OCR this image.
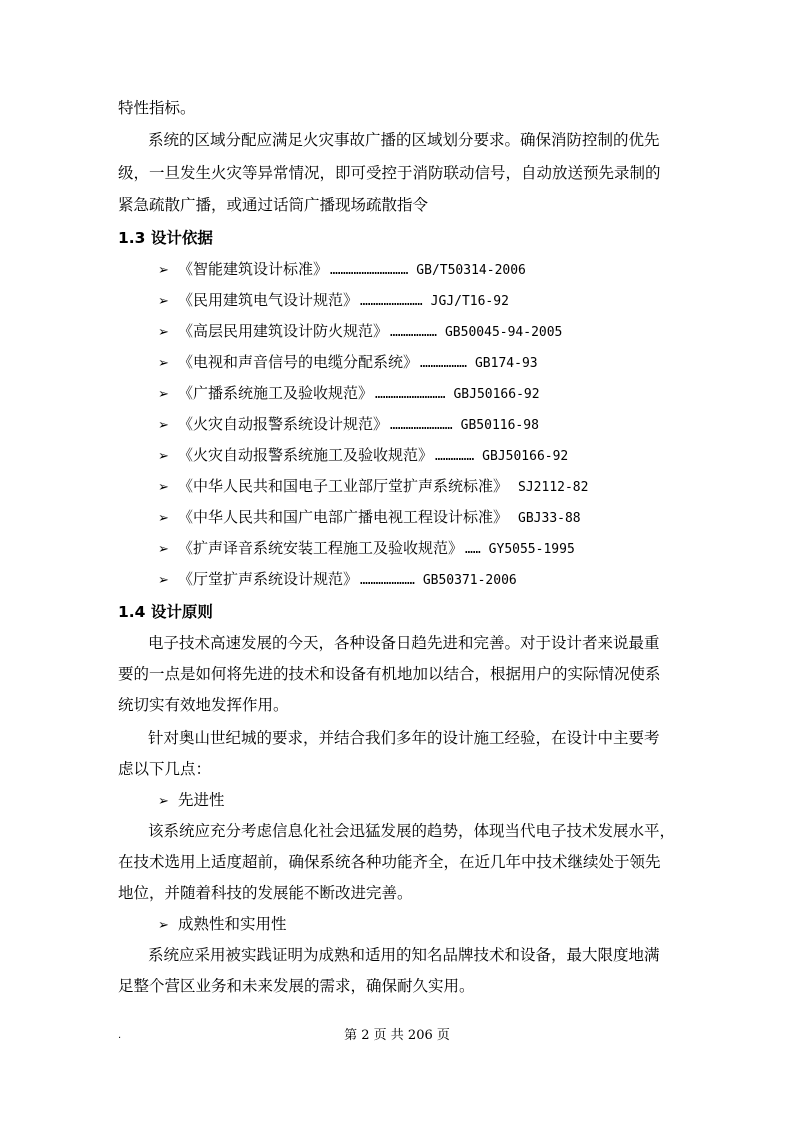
特性指标。
系统的区域分配应满足火灾事故广播的区域划分要求。确保消防控制的优先
级，一旦发生火灾等异常情况，即可受控于消防联动信号，自动放送预先录制的
紧急疏散广播，或通过话筒广播现场疏散指令
1.3 设计依据
➢ 《智能建筑设计标准》 ………………………… GB/T50314-2006
➢ 《民用建筑电气设计规范》 …………………… JGJ/T16-92
➢ 《高层民用建筑设计防火规范》 ……………… GB50045-94-2005
➢ 《电视和声音信号的电缆分配系统》 ……………… GB174-93
➢ 《广播系统施工及验收规范》 ……………………… GBJ50166-92
➢ 《火灾自动报警系统设计规范》 …………………… GB50116-98
➢ 《火灾自动报警系统施工及验收规范》 …………… GBJ50166-92
➢ 《中华人民共和国电子工业部厅堂扩声系统标准》 SJ2112-82
➢ 《中华人民共和国广电部广播电视工程设计标准》 GBJ33-88
➢ 《扩声译音系统安装工程施工及验收规范》 …… GY5055-1995
➢ 《厅堂扩声系统设计规范》 ………………… GB50371-2006
1.4 设计原则
电子技术高速发展的今天，各种设备日趋先进和完善。对于设计者来说最重
要的一点是如何将先进的技术和设备有机地加以结合，根据用户的实际情况使系
统切实有效地发挥作用。
针对奥山世纪城的要求，并结合我们多年的设计施工经验，在设计中主要考
虑以下几点：
➢ 先进性
该系统应充分考虑信息化社会迅猛发展的趋势，体现当代电子技术发展水平，
在技术选用上适度超前，确保系统各种功能齐全，在近几年中技术继续处于领先
地位，并随着科技的发展能不断改进完善。
➢ 成熟性和实用性
系统应采用被实践证明为成熟和适用的知名品牌技术和设备，最大限度地满
足整个营区业务和未来发展的需求，确保耐久实用。
.	第 2 页 共 206 页
